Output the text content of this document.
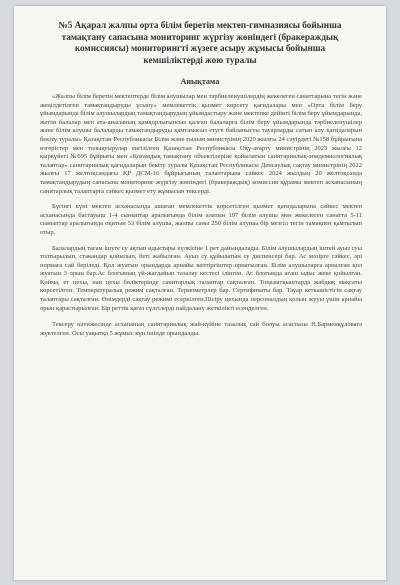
№5 Ақарал жалпы орта білім беретін мектеп-гимназиясы бойынша тамақтану сапасына мониторинг жүргізу жөніндегі (бракераждық комиссиясы) мониторингті жүзеге асыру жұмысы бойынша кемшіліктерді жою туралы
Анықтама

«Жалпы білім беретін мектептерде білім алушылар мен тәрбиеленушілердің жекелеген санаттарына тегін және жеңілдетілген тамақтандыруды ұсыну» мемлекеттік қызмет көрсету қағидалары мен «Орта білім беру ұйымдарында білім алушылардың тамақтандырудың ұйымдастыру және мектепке дейінгі білім беру ұйымдарында, жетім балалар мен ата-анасының қамқорлығынсыз қалған балаларға білім беру ұйымдарында тәрбиеленушілер және білім алушы балаларды тамақтандыруды қамтамасыз етуге байланысты тауарларды сатып алу қағидаларын бекіту туралы» Қазақстан Республикасы Білім және ғылым министрінің 2020 жылғы 24 сәуірдегі №158 бұйрығына өзгерістер мен толықтырулар енгізілген Қазақстан Республикасы Оқу-ағарту министрінің 2023 жылғы 12 қыркүйегі №695 бұйрығы мен «Қоғамдық тамақтану объектілеріне қойылатын санитариялық-эпидемиологиялық талаптар» санитариялық қағидаларын бекіту туралы Қазақстан Республикасы Денсаулық сақтау министрінің 2022 жылғы 17 желтоқсандағы ҚР ДСМ-16 бұйрығының талаптарына сәйкес 2024 жылдың 20 желтоқсанда тамақтандырудың сапасына мониторинг жүргізу жөніндегі (бракераждық) комиссия құрамы мектеп асханасының санитарлық талаптарға сәйкес қызмет ету жұмысын тексерді.

Бүгінгі күні мектеп асханасында ашаған мемлекеттік көрсетілген қызмет қағидаларына сәйкес мектеп асханасында бастауыш 1-4 сыныптар аралығында білім алатын 197 білім алушы мен жекелеген санатта 5-11 сыныптар аралығында оқитын 53 білім алушы, жалпы саны 250 білім алушы бір мезгіл тегін тамақпен қамтылып отыр.

Балалардың тағам ішуге су ақтып идыстары күлкісіне 1 рет дайындалады. Білім алушылардың іштей ауыз суы толтырылып, стакандар қойылып, бетi жабылған. Ауыз су құйылатын су диспенсері бар. Ас мәзірге сәйкес, әрі нормаға сай беріледі. Қол жуатын орындарда арнайы кептіргіштер орнатылған. Білім алушыларға арналған қол жуатын 3 орын бар.Ас блогының үй-жағдайын тазалау кестесі ілінген. Ас блогында ағаш ыдыс жеке қойылған. Қойма, ет цехы, нан цехы бөліктерінде санитарлық талаптар сақталған. Тоңазытқыштарда жабдық мақсаты көрсетілген. Температуралық режим сақталған. Термометрлер бар. Сертификаты бар. Тауар кеткашістігін сақтау талаптары сақталған. Өнімдерді сақтау режимі есеркілген.Пісіру цехында персоналдың қолын жууы үшін арнайы орын қарастырылған. Бір реттік қағаз сүлгілерді пайдалану жеткілікті есеңделген.

Тексеру нәтижесінде асхананың санитариялық жай-күйіне тазалық сай болуы асаспазы Н.Барменқұловаға жүктелген. Осы уақытқа 5 жұмыс күн ішінде орындалды.
